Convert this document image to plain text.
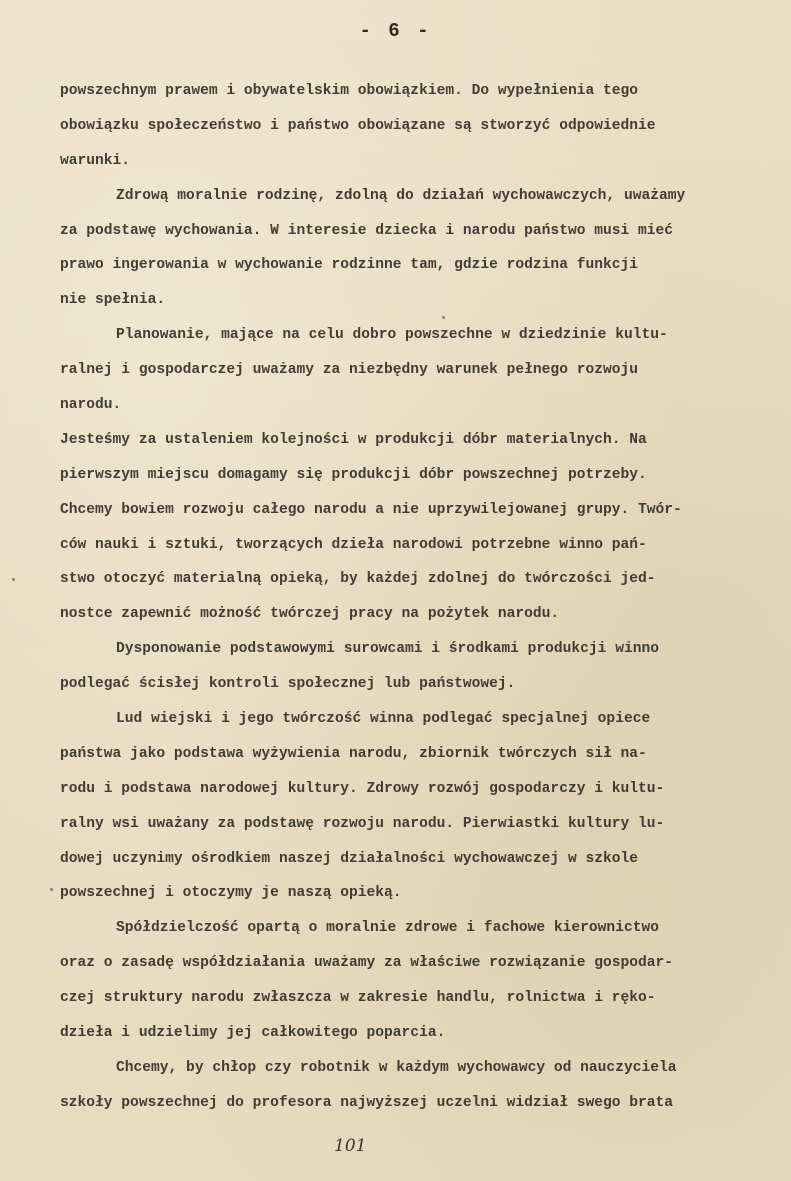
- 6 -
powszechnym prawem i obywatelskim obowiązkiem. Do wypełnienia tego
obowiązku społeczeństwo i państwo obowiązane są stworzyć odpowiednie
warunki.
Zdrową moralnie rodzinę, zdolną do działań wychowawczych, uważamy
za podstawę wychowania. W interesie dziecka i narodu państwo musi mieć
prawo ingerowania w wychowanie rodzinne tam, gdzie rodzina funkcji
nie spełnia.
Planowanie, mające na celu dobro powszechne w dziedzinie kultu-
ralnej i gospodarczej uważamy za niezbędny warunek pełnego rozwoju
narodu.
Jesteśmy za ustaleniem kolejności w produkcji dóbr materialnych. Na
pierwszym miejscu domagamy się produkcji dóbr powszechnej potrzeby.
Chcemy bowiem rozwoju całego narodu a nie uprzywilejowanej grupy. Twór-
ców nauki i sztuki, tworzących dzieła narodowi potrzebne winno pań-
stwo otoczyć materialną opieką, by każdej zdolnej do twórczości jed-
nostce zapewnić możność twórczej pracy na pożytek narodu.
Dysponowanie podstawowymi surowcami i środkami produkcji winno
podlegać ścisłej kontroli społecznej lub państwowej.
Lud wiejski i jego twórczość winna podlegać specjalnej opiece
państwa jako podstawa wyżywienia narodu, zbiornik twórczych sił na-
rodu i podstawa narodowej kultury. Zdrowy rozwój gospodarczy i kultu-
ralny wsi uważany za podstawę rozwoju narodu. Pierwiastki kultury lu-
dowej uczynimy ośrodkiem naszej działalności wychowawczej w szkole
powszechnej i otoczymy je naszą opieką.
Spółdzielczość opartą o moralnie zdrowe i fachowe kierownictwo
oraz o zasadę współdziałania uważamy za właściwe rozwiązanie gospodar-
czej struktury narodu zwłaszcza w zakresie handlu, rolnictwa i ręko-
dzieła i udzielimy jej całkowitego poparcia.
Chcemy, by chłop czy robotnik w każdym wychowawcy od nauczyciela
szkoły powszechnej do profesora najwyższej uczelni widział swego brata
101
